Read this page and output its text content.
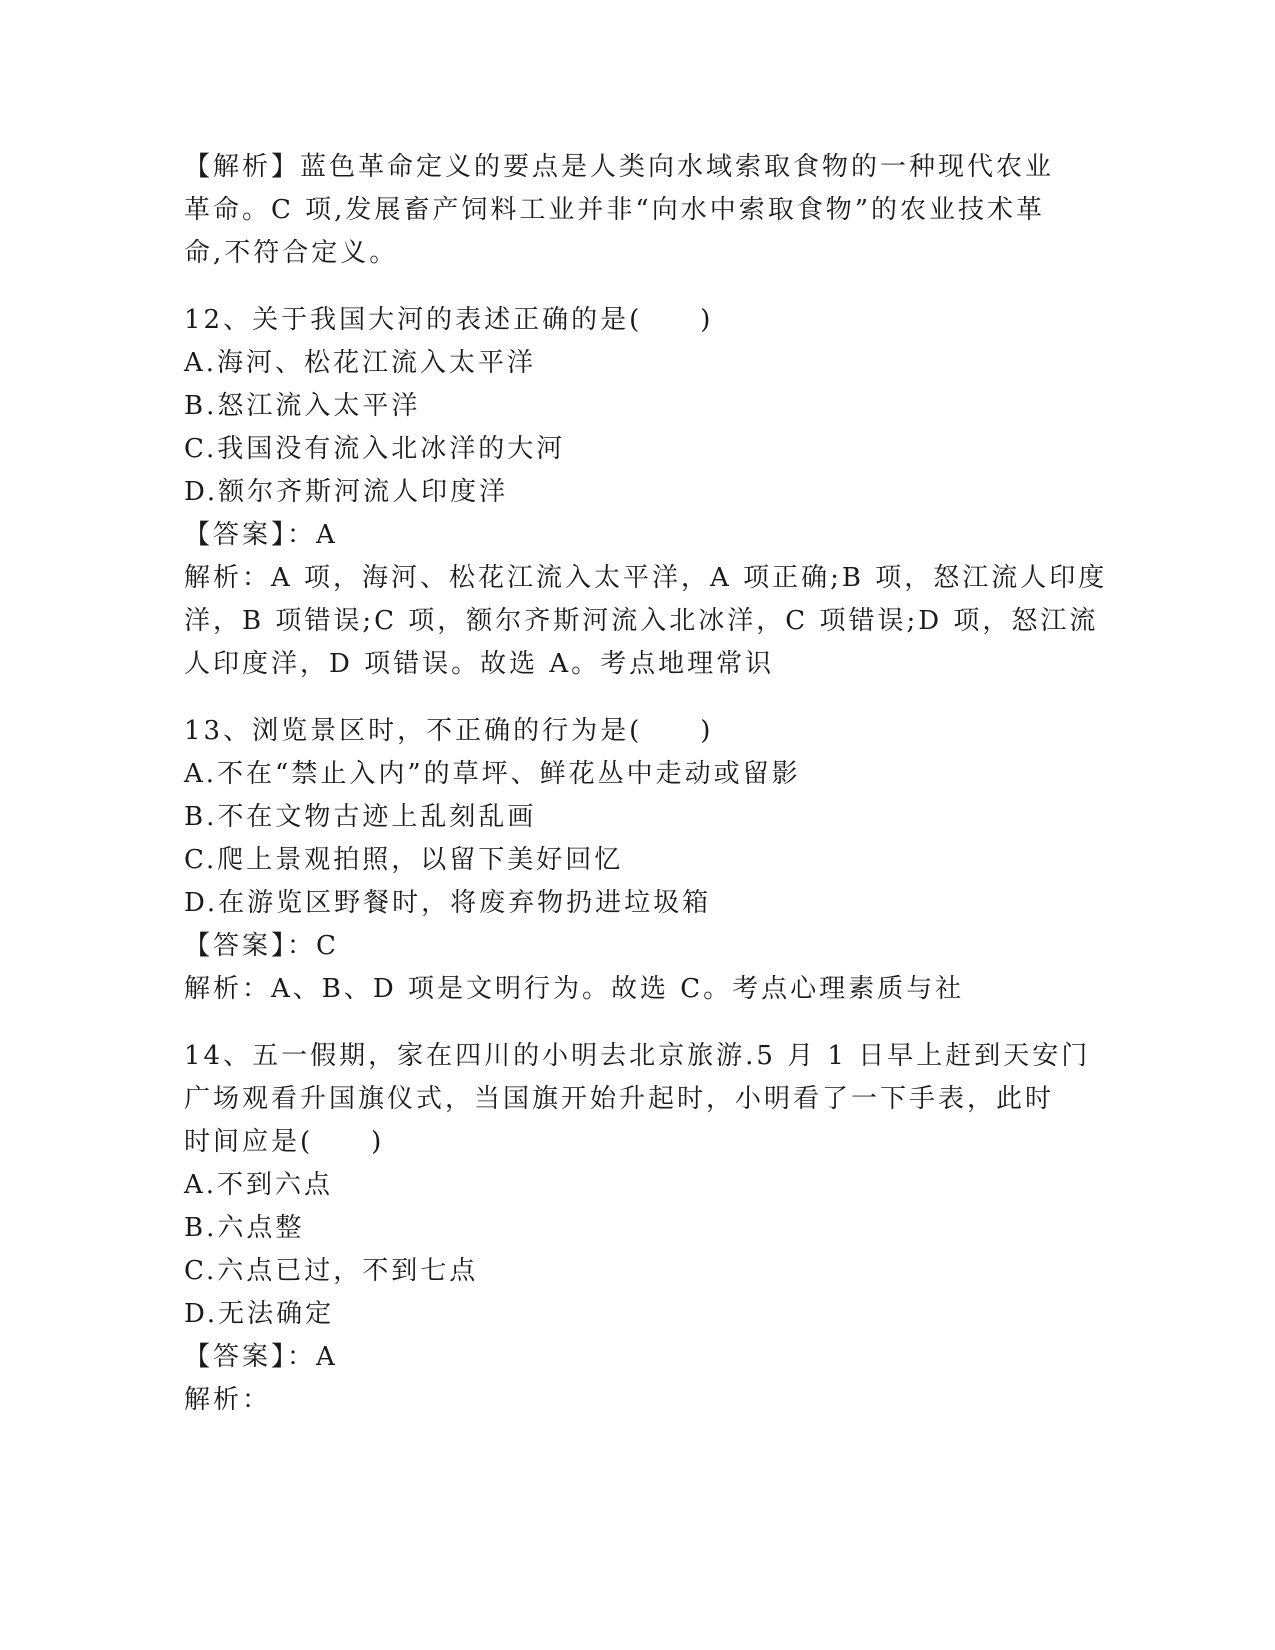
【解析】蓝色革命定义的要点是人类向水域索取食物的一种现代农业
革命。C 项,发展畜产饲料工业并非“向水中索取食物”的农业技术革
命,不符合定义。
12、关于我国大河的表述正确的是(　　)
A.海河、松花江流入太平洋
B.怒江流入太平洋
C.我国没有流入北冰洋的大河
D.额尔齐斯河流人印度洋
【答案】：A
解析：A 项，海河、松花江流入太平洋，A 项正确;B 项，怒江流人印度
洋，B 项错误;C 项，额尔齐斯河流入北冰洋，C 项错误;D 项，怒江流
人印度洋，D 项错误。故选 A。考点地理常识
13、浏览景区时，不正确的行为是(　　)
A.不在“禁止入内”的草坪、鲜花丛中走动或留影
B.不在文物古迹上乱刻乱画
C.爬上景观拍照，以留下美好回忆
D.在游览区野餐时，将废弃物扔进垃圾箱
【答案】：C
解析：A、B、D 项是文明行为。故选 C。考点心理素质与社
14、五一假期，家在四川的小明去北京旅游.5 月 1 日早上赶到天安门
广场观看升国旗仪式，当国旗开始升起时，小明看了一下手表，此时
时间应是(　　)
A.不到六点
B.六点整
C.六点已过，不到七点
D.无法确定
【答案】：A
解析：
